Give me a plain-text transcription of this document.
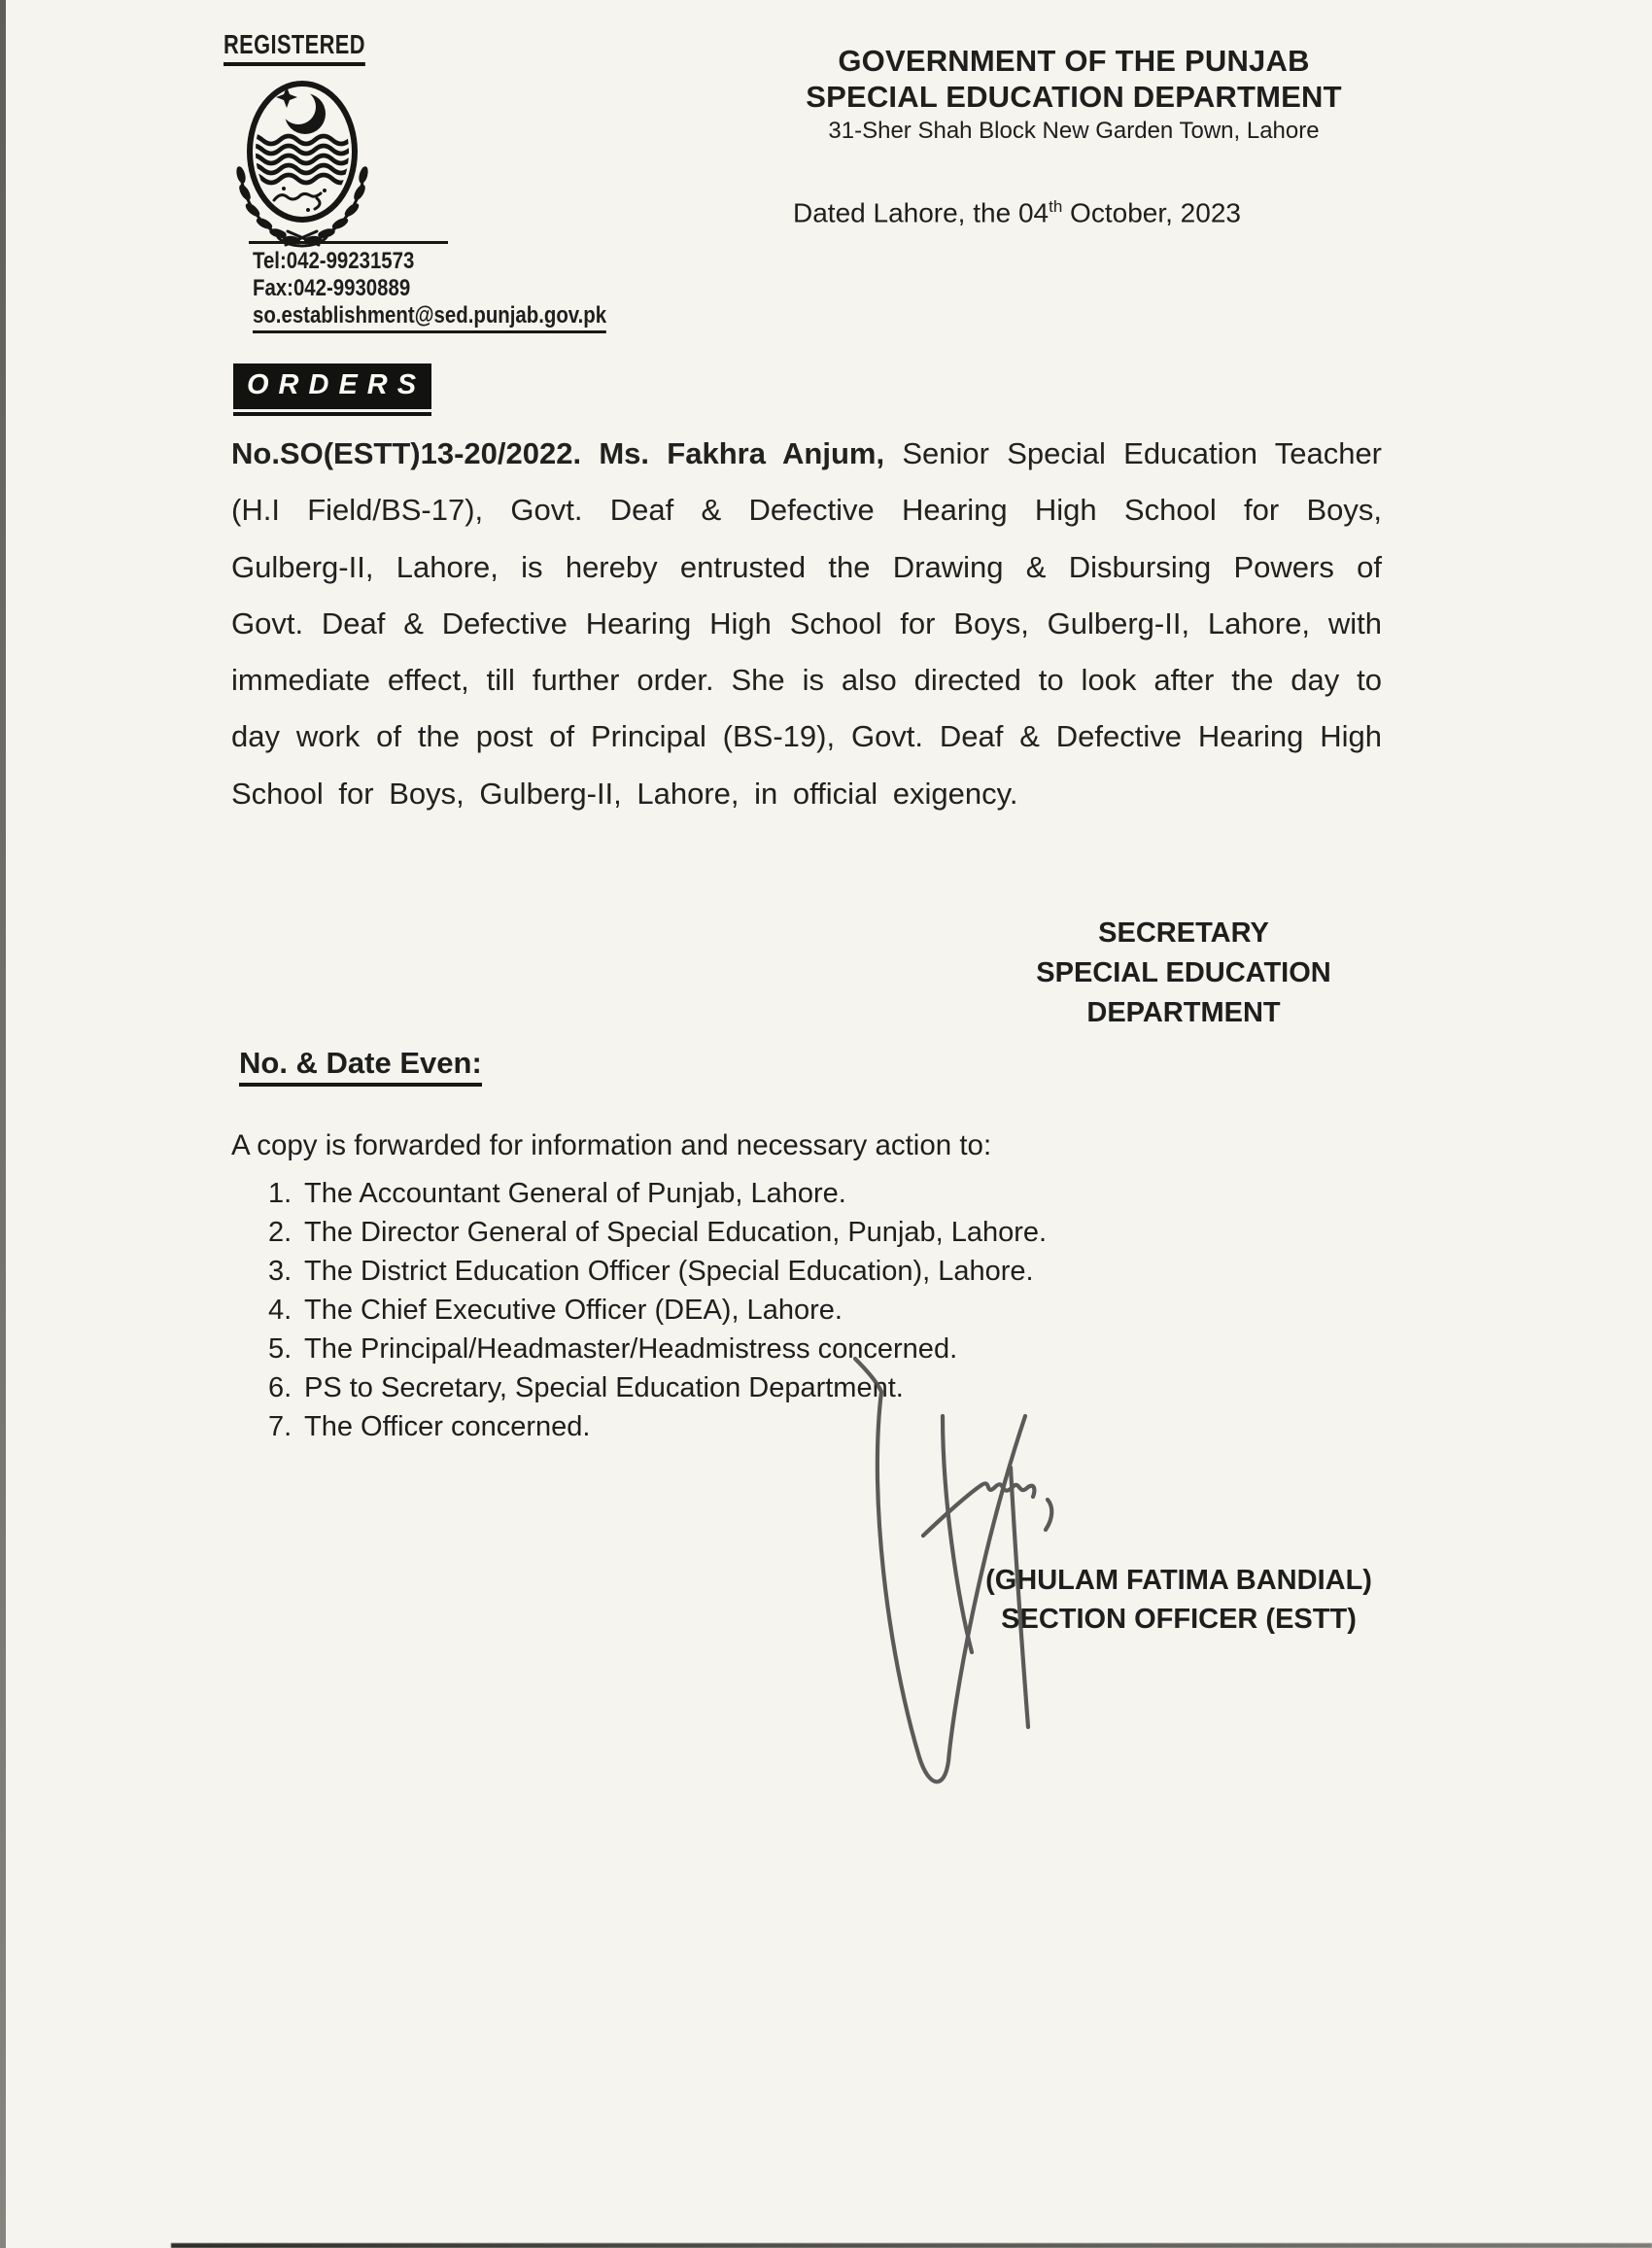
REGISTERED
Tel:042-99231573
Fax:042-9930889
so.establishment@sed.punjab.gov.pk
GOVERNMENT OF THE PUNJAB
SPECIAL EDUCATION DEPARTMENT
31-Sher Shah Block New Garden Town, Lahore
Dated Lahore, the 04th October, 2023
ORDERS
No.SO(ESTT)13-20/2022. Ms. Fakhra Anjum, Senior Special Education Teacher (H.I Field/BS-17), Govt. Deaf & Defective Hearing High School for Boys, Gulberg-II, Lahore, is hereby entrusted the Drawing & Disbursing Powers of Govt. Deaf & Defective Hearing High School for Boys, Gulberg-II, Lahore, with immediate effect, till further order. She is also directed to look after the day to day work of the post of Principal (BS-19), Govt. Deaf & Defective Hearing High School for Boys, Gulberg-II, Lahore, in official exigency.
SECRETARY
SPECIAL EDUCATION
DEPARTMENT
No. & Date Even:
A copy is forwarded for information and necessary action to:
The Accountant General of Punjab, Lahore.
The Director General of Special Education, Punjab, Lahore.
The District Education Officer (Special Education), Lahore.
The Chief Executive Officer (DEA), Lahore.
The Principal/Headmaster/Headmistress concerned.
PS to Secretary, Special Education Department.
The Officer concerned.
(GHULAM FATIMA BANDIAL)
SECTION OFFICER (ESTT)
